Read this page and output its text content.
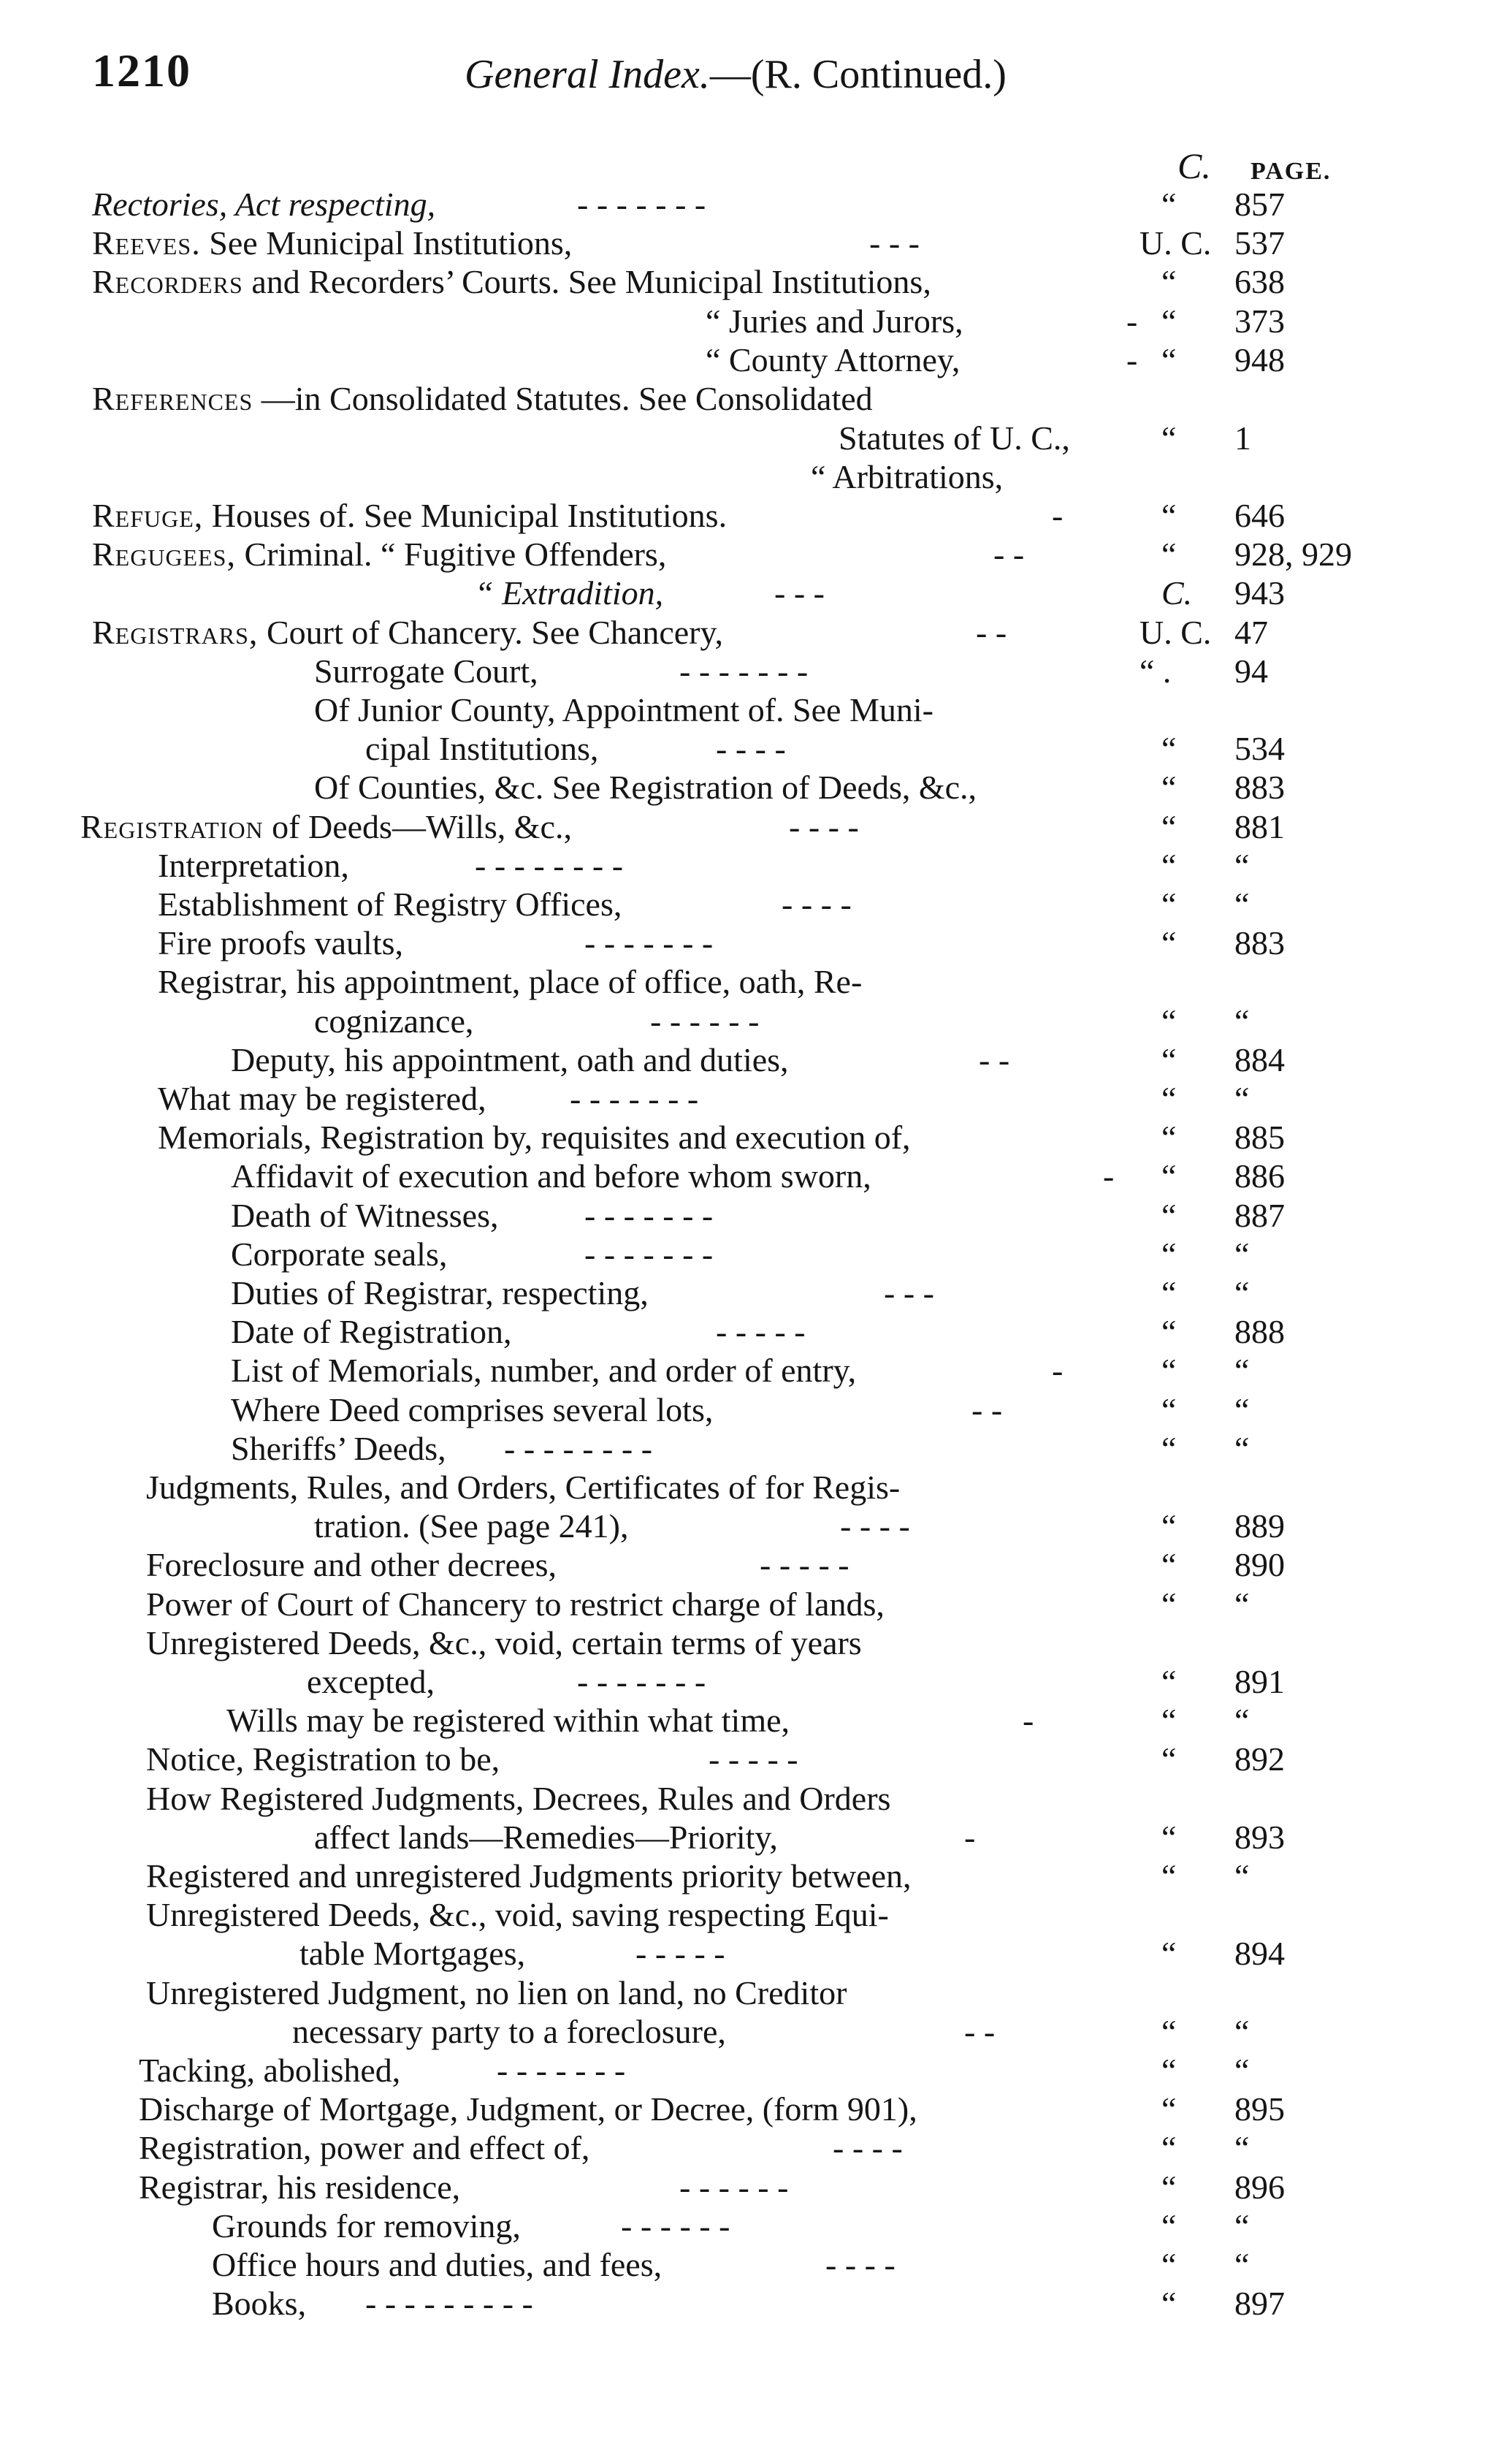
1210	General Index.—(R. Continued.)
C. PAGE.
Rectories, Act respecting,	- - - - - - -	“ 857
Reeves. See Municipal Institutions,	- - -	U. C. 537
Recorders and Recorders’ Courts. See Municipal Institutions,	“ 638
“ Juries and Jurors,	- “ 373
“ County Attorney,	- “ 948
References —in Consolidated Statutes. See Consolidated
Statutes of U. C.,	“ 1
“ Arbitrations,
Refuge, Houses of. See Municipal Institutions.	-	“ 646
Regugees, Criminal. “ Fugitive Offenders,	- -	“ 928, 929
“ Extradition,	- - -	C. 943
Registrars, Court of Chancery. See Chancery,	- -	U. C. 47
Surrogate Court,	- - - - - - -	“ . 94
Of Junior County, Appointment of. See Muni-
cipal Institutions,	- - - -	“ 534
Of Counties, &c. See Registration of Deeds, &c.,	“ 883
Registration of Deeds—Wills, &c.,	- - - -	“ 881
Interpretation,	- - - - - - - -	“ “
Establishment of Registry Offices,	- - - -	“ “
Fire proofs vaults,	- - - - - - -	“ 883
Registrar, his appointment, place of office, oath, Re-
cognizance,	- - - - - -	“ “
Deputy, his appointment, oath and duties,	- -	“ 884
What may be registered, - - - - - - -	“ “
Memorials, Registration by, requisites and execution of,	“ 885
Affidavit of execution and before whom sworn,	- “ 886
Death of Witnesses,	- - - - - - -	“ 887
Corporate seals,	- - - - - - -	“ “
Duties of Registrar, respecting,	- - -	“ “
Date of Registration,	- - - - -	“ 888
List of Memorials, number, and order of entry,	-	“ “
Where Deed comprises several lots,	- -	“ “
Sheriffs’ Deeds, - - - - - - - -	“ “
Judgments, Rules, and Orders, Certificates of for Regis-
tration. (See page 241),	- - - -	“ 889
Foreclosure and other decrees,	- - - - -	“ 890
Power of Court of Chancery to restrict charge of lands,	“ “
Unregistered Deeds, &c., void, certain terms of years
excepted,	- - - - - - -	“ 891
Wills may be registered within what time,	-	“ “
Notice, Registration to be,	- - - - -	“ 892
How Registered Judgments, Decrees, Rules and Orders
affect lands—Remedies—Priority,	-	“ 893
Registered and unregistered Judgments priority between,	“ “
Unregistered Deeds, &c., void, saving respecting Equi-
table Mortgages,	- - - - -	“ 894
Unregistered Judgment, no lien on land, no Creditor
necessary party to a foreclosure,	- -	“ “
Tacking, abolished,	- - - - - - -	“ “
Discharge of Mortgage, Judgment, or Decree, (form 901),	“ 895
Registration, power and effect of,	- - - -	“ “
Registrar, his residence,	- - - - - -	“ 896
Grounds for removing,	- - - - - -	“ “
Office hours and duties, and fees,	- - - -	“ “
Books, - - - - - - - - -	“ 897
